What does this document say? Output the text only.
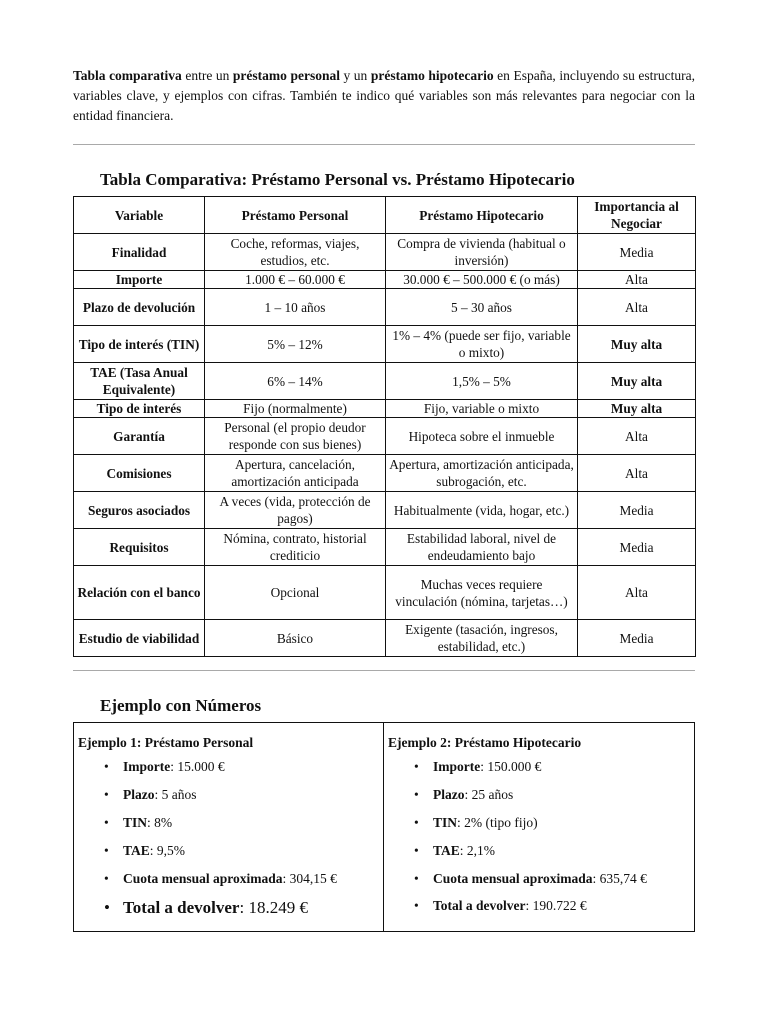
Tabla comparativa entre un préstamo personal y un préstamo hipotecario en España, incluyendo su estructura, variables clave, y ejemplos con cifras. También te indico qué variables son más relevantes para negociar con la entidad financiera.

Tabla Comparativa: Préstamo Personal vs. Préstamo Hipotecario
Variable	Préstamo Personal	Préstamo Hipotecario	Importancia al Negociar
Finalidad	Coche, reformas, viajes, estudios, etc.	Compra de vivienda (habitual o inversión)	Media
Importe	1.000 € – 60.000 €	30.000 € – 500.000 € (o más)	Alta
Plazo de devolución	1 – 10 años	5 – 30 años	Alta
Tipo de interés (TIN)	5% – 12%	1% – 4% (puede ser fijo, variable o mixto)	Muy alta
TAE (Tasa Anual Equivalente)	6% – 14%	1,5% – 5%	Muy alta
Tipo de interés	Fijo (normalmente)	Fijo, variable o mixto	Muy alta
Garantía	Personal (el propio deudor responde con sus bienes)	Hipoteca sobre el inmueble	Alta
Comisiones	Apertura, cancelación, amortización anticipada	Apertura, amortización anticipada, subrogación, etc.	Alta
Seguros asociados	A veces (vida, protección de pagos)	Habitualmente (vida, hogar, etc.)	Media
Requisitos	Nómina, contrato, historial crediticio	Estabilidad laboral, nivel de endeudamiento bajo	Media
Relación con el banco	Opcional	Muchas veces requiere vinculación (nómina, tarjetas…)	Alta
Estudio de viabilidad	Básico	Exigente (tasación, ingresos, estabilidad, etc.)	Media
Ejemplo con Números
Ejemplo 1: Préstamo Personal
• Importe: 15.000 €
• Plazo: 5 años
• TIN: 8%
• TAE: 9,5%
• Cuota mensual aproximada: 304,15 €
• Total a devolver: 18.249 €
Ejemplo 2: Préstamo Hipotecario
• Importe: 150.000 €
• Plazo: 25 años
• TIN: 2% (tipo fijo)
• TAE: 2,1%
• Cuota mensual aproximada: 635,74 €
• Total a devolver: 190.722 €
